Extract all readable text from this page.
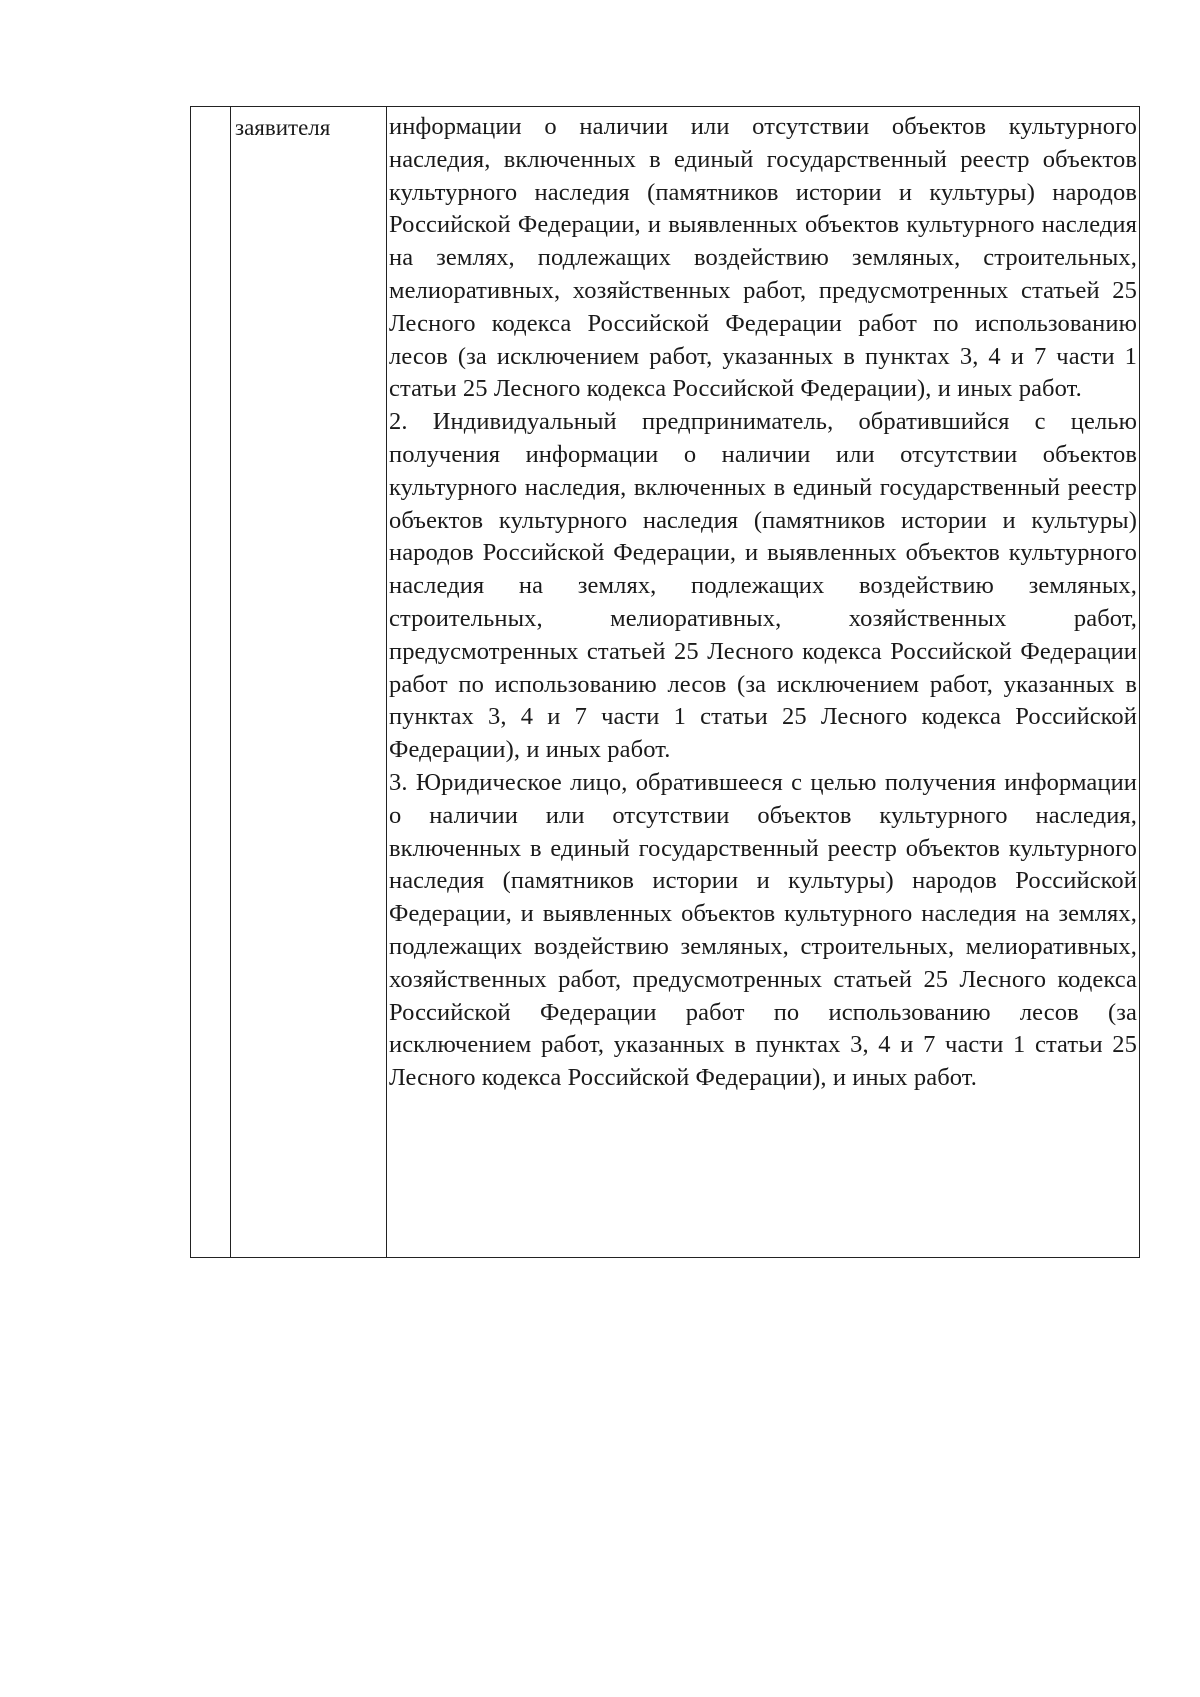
заявителя	информации о наличии или отсутствии объектов культурного наследия, включенных в единый государственный реестр объектов культурного наследия (памятников истории и культуры) народов Российской Федерации, и выявленных объектов культурного наследия на землях, подлежащих воздействию земляных, строительных, мелиоративных, хозяйственных работ, предусмотренных статьей 25 Лесного кодекса Российской Федерации работ по использованию лесов (за исключением работ, указанных в пунктах 3, 4 и 7 части 1 статьи 25 Лесного кодекса Российской Федерации), и иных работ.
2. Индивидуальный предприниматель, обратившийся с целью получения информации о наличии или отсутствии объектов культурного наследия, включенных в единый государственный реестр объектов культурного наследия (памятников истории и культуры) народов Российской Федерации, и выявленных объектов культурного наследия на землях, подлежащих воздействию земляных, строительных, мелиоративных, хозяйственных работ, предусмотренных статьей 25 Лесного кодекса Российской Федерации работ по использованию лесов (за исключением работ, указанных в пунктах 3, 4 и 7 части 1 статьи 25 Лесного кодекса Российской Федерации), и иных работ.
3. Юридическое лицо, обратившееся с целью получения информации о наличии или отсутствии объектов культурного наследия, включенных в единый государственный реестр объектов культурного наследия (памятников истории и культуры) народов Российской Федерации, и выявленных объектов культурного наследия на землях, подлежащих воздействию земляных, строительных, мелиоративных, хозяйственных работ, предусмотренных статьей 25 Лесного кодекса Российской Федерации работ по использованию лесов (за исключением работ, указанных в пунктах 3, 4 и 7 части 1 статьи 25 Лесного кодекса Российской Федерации), и иных работ.
